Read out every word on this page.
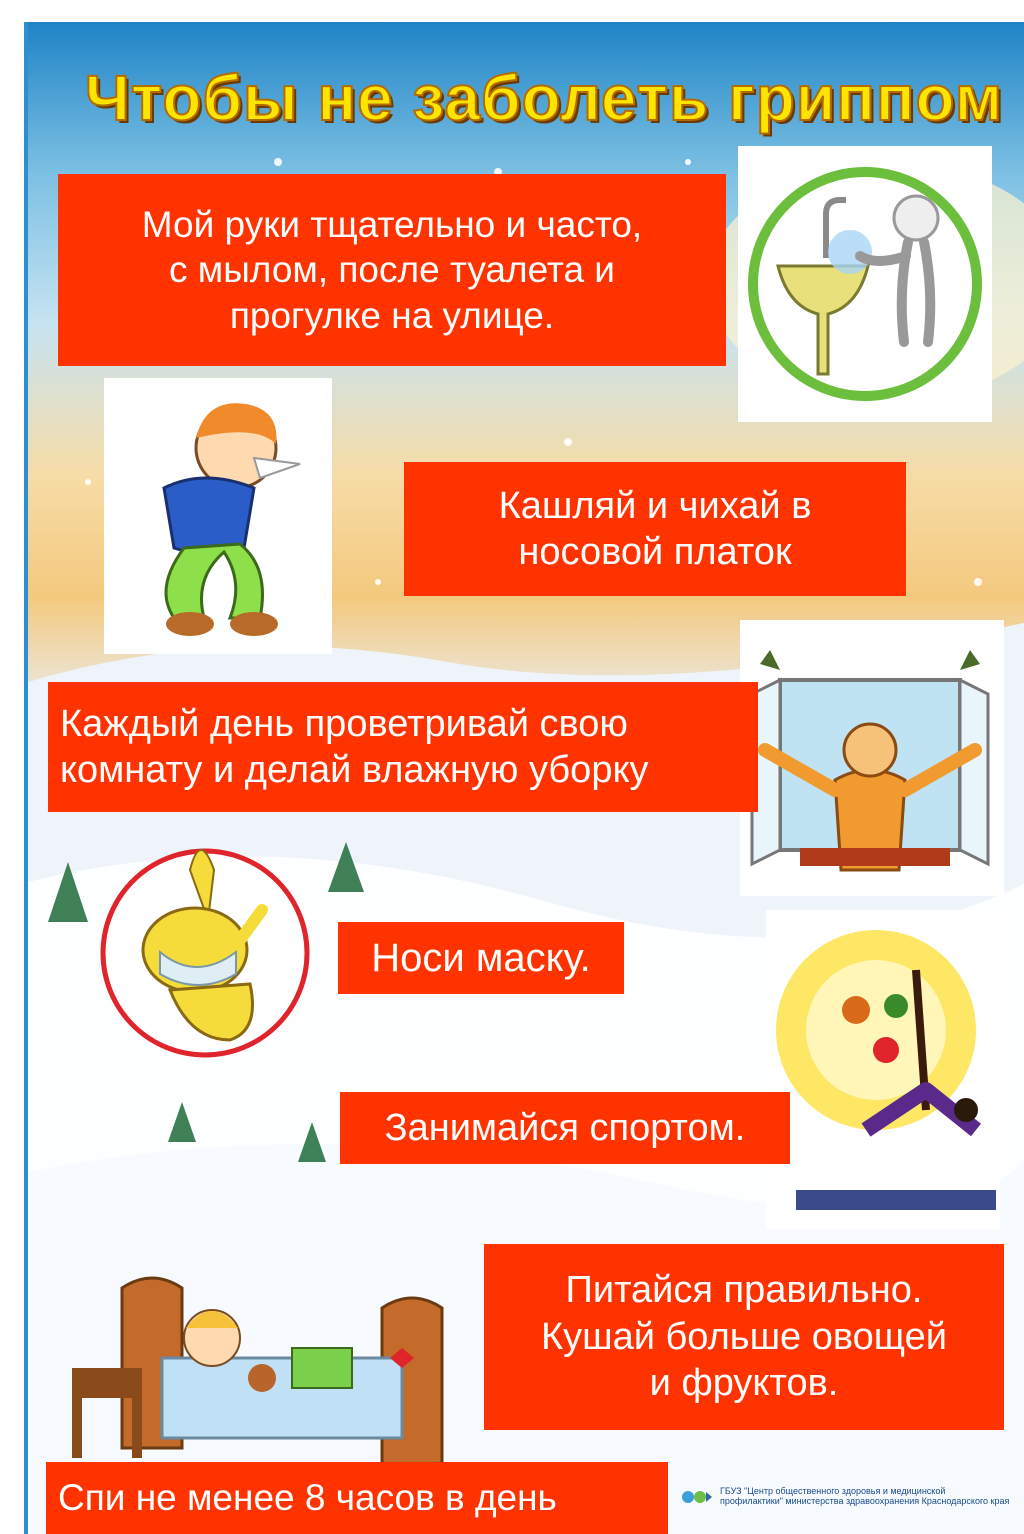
Чтобы не заболеть гриппом
Мой руки тщательно и часто,
с мылом, после туалета и
прогулке на улице.
Кашляй и чихай в
носовой платок
Каждый день проветривай свою
комнату и делай влажную уборку
Носи маску.
Занимайся спортом.
Питайся правильно.
Кушай больше овощей
и фруктов.
Спи не менее 8 часов в день	ГБУЗ "Центр общественного здоровья и медицинской профилактики" министерства здравоохранения Краснодарского края
